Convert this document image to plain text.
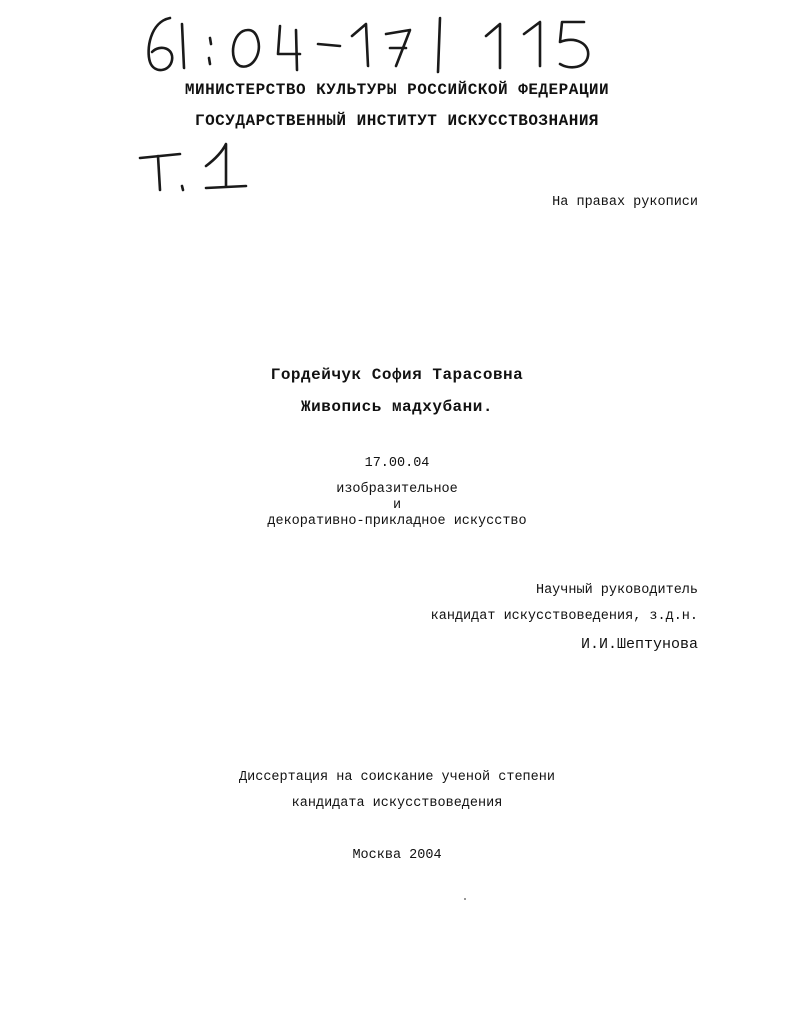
МИНИСТЕРСТВО КУЛЬТУРЫ РОССИЙСКОЙ ФЕДЕРАЦИИ
ГОСУДАРСТВЕННЫЙ ИНСТИТУТ ИСКУССТВОЗНАНИЯ
На правах рукописи
Гордейчук София Тарасовна
Живопись мадхубани.
17.00.04
изобразительное
и
декоративно-прикладное искусство
Научный руководитель
кандидат искусствоведения, з.д.н.
И.И.Шептунова
Диссертация на соискание ученой степени
кандидата искусствоведения
Москва 2004
